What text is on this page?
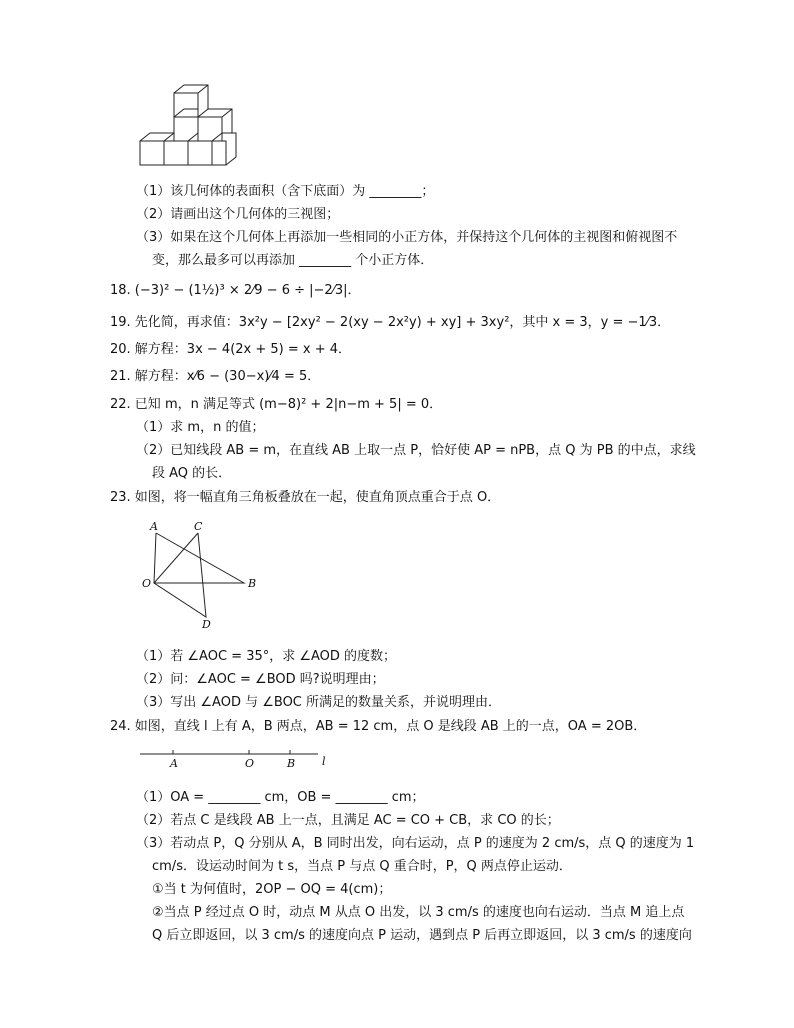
（1）该几何体的表面积（含下底面）为 ________；
（2）请画出这个几何体的三视图；
（3）如果在这个几何体上再添加一些相同的小正方体，并保持这个几何体的主视图和俯视图不
变，那么最多可以再添加 ________ 个小正方体．
18. (−3)² − (1½)³ × 2⁄9 − 6 ÷ |−2⁄3|．
19. 先化简，再求值：3x²y − [2xy² − 2(xy − 2x²y) + xy] + 3xy²，其中 x = 3，y = −1⁄3．
20. 解方程：3x − 4(2x + 5) = x + 4．
21. 解方程：x⁄6 − (30−x)⁄4 = 5．
22. 已知 m，n 满足等式 (m−8)² + 2|n−m + 5| = 0．
（1）求 m，n 的值；
（2）已知线段 AB = m，在直线 AB 上取一点 P，恰好使 AP = nPB，点 Q 为 PB 的中点，求线
段 AQ 的长．
23. 如图，将一幅直角三角板叠放在一起，使直角顶点重合于点 O．
A	C
O	B
D
（1）若 ∠AOC = 35°，求 ∠AOD 的度数；
（2）问：∠AOC = ∠BOD 吗?说明理由；
（3）写出 ∠AOD 与 ∠BOC 所满足的数量关系，并说明理由．
24. 如图，直线 l 上有 A，B 两点，AB = 12 cm，点 O 是线段 AB 上的一点，OA = 2OB．
A	O	B l
（1）OA = ________ cm，OB = ________ cm；
（2）若点 C 是线段 AB 上一点，且满足 AC = CO + CB，求 CO 的长；
（3）若动点 P，Q 分别从 A，B 同时出发，向右运动，点 P 的速度为 2 cm/s，点 Q 的速度为 1
cm/s．设运动时间为 t s，当点 P 与点 Q 重合时，P，Q 两点停止运动．
①当 t 为何值时，2OP − OQ = 4(cm)；
②当点 P 经过点 O 时，动点 M 从点 O 出发，以 3 cm/s 的速度也向右运动．当点 M 追上点
Q 后立即返回，以 3 cm/s 的速度向点 P 运动，遇到点 P 后再立即返回，以 3 cm/s 的速度向
